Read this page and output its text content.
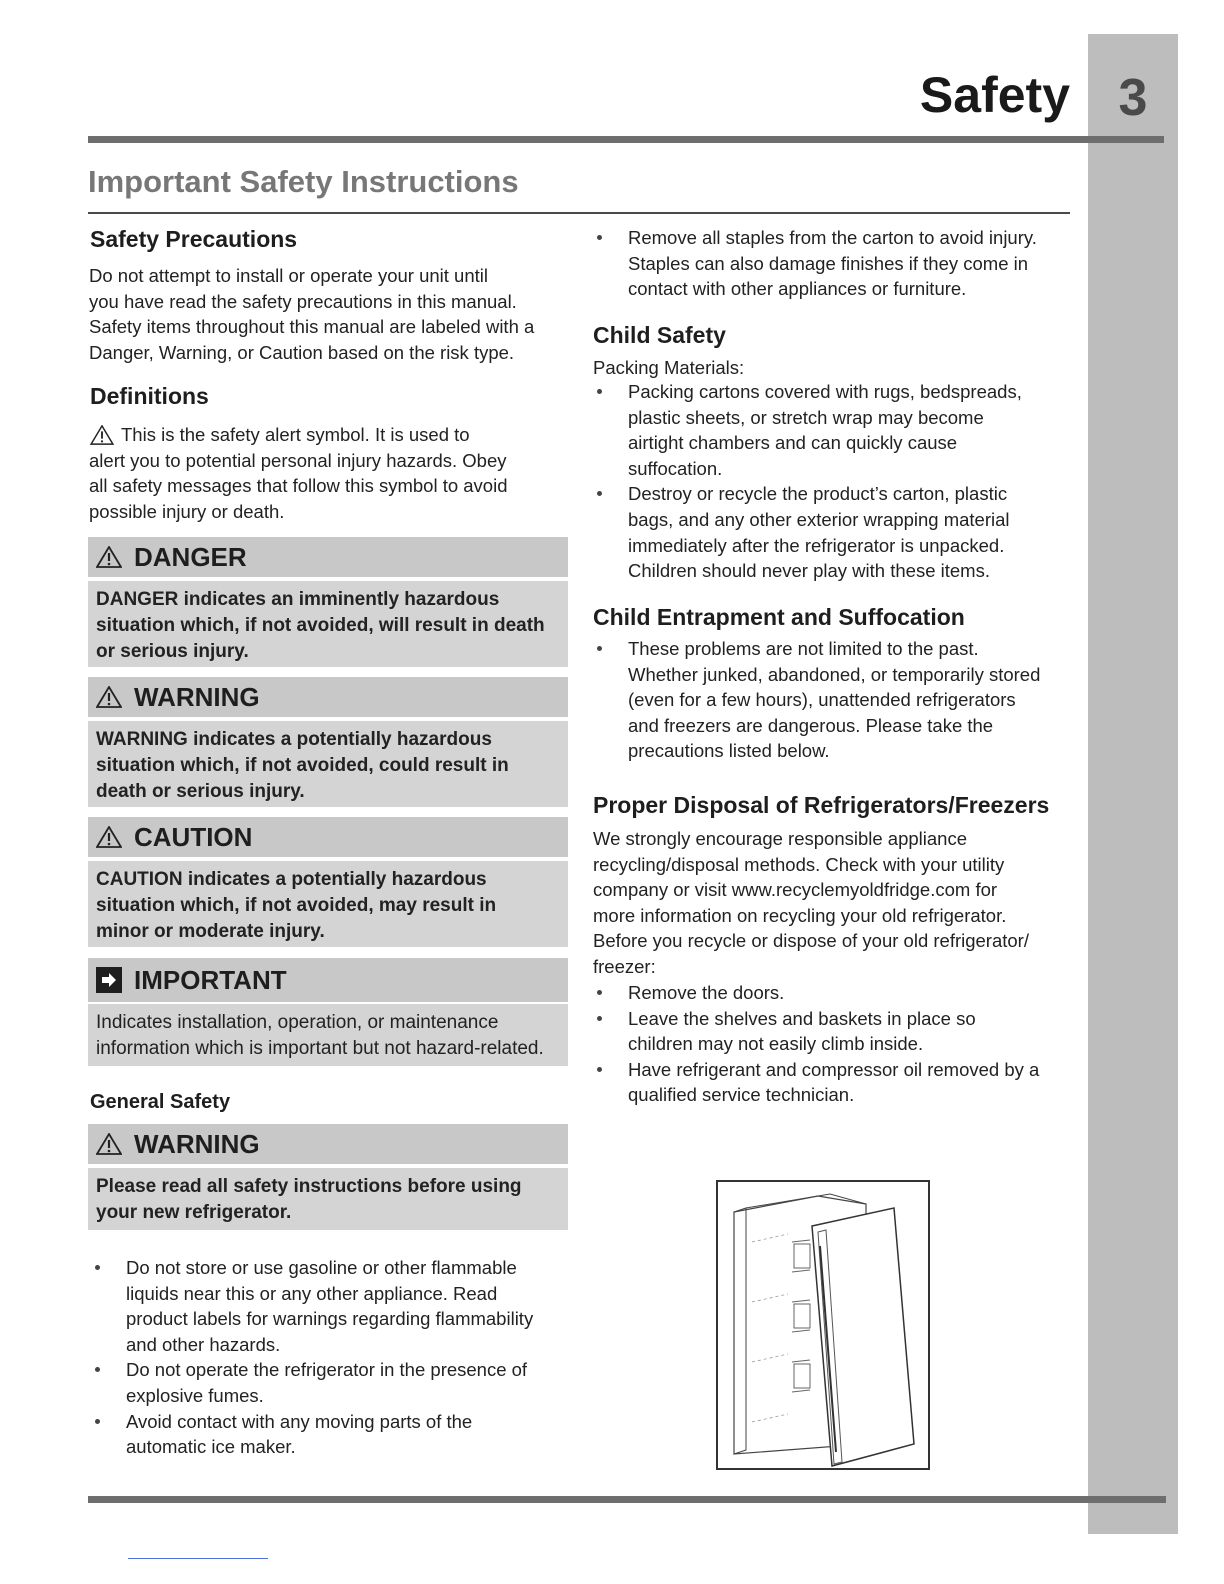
Safety 3
Important Safety Instructions
Safety Precautions
Do not attempt to install or operate your unit until
you have read the safety precautions in this manual.
Safety items throughout this manual are labeled with a
Danger, Warning, or Caution based on the risk type.
Definitions
This is the safety alert symbol. It is used to
alert you to potential personal injury hazards. Obey
all safety messages that follow this symbol to avoid
possible injury or death.
DANGER
DANGER indicates an imminently hazardous
situation which, if not avoided, will result in death
or serious injury.
WARNING
WARNING indicates a potentially hazardous
situation which, if not avoided, could result in
death or serious injury.
CAUTION
CAUTION indicates a potentially hazardous
situation which, if not avoided, may result in
minor or moderate injury.
IMPORTANT
Indicates installation, operation, or maintenance
information which is important but not hazard-related.
General Safety
WARNING
Please read all safety instructions before using
your new refrigerator.
Do not store or use gasoline or other flammable
liquids near this or any other appliance. Read
product labels for warnings regarding flammability
and other hazards.
Do not operate the refrigerator in the presence of
explosive fumes.
Avoid contact with any moving parts of the
automatic ice maker.
Remove all staples from the carton to avoid injury.
Staples can also damage finishes if they come in
contact with other appliances or furniture.
Child Safety
Packing Materials:
Packing cartons covered with rugs, bedspreads,
plastic sheets, or stretch wrap may become
airtight chambers and can quickly cause
suffocation.
Destroy or recycle the product’s carton, plastic
bags, and any other exterior wrapping material
immediately after the refrigerator is unpacked.
Children should never play with these items.
Child Entrapment and Suffocation
These problems are not limited to the past.
Whether junked, abandoned, or temporarily stored
(even for a few hours), unattended refrigerators
and freezers are dangerous. Please take the
precautions listed below.
Proper Disposal of Refrigerators/Freezers
We strongly encourage responsible appliance
recycling/disposal methods. Check with your utility
company or visit www.recyclemyoldfridge.com for
more information on recycling your old refrigerator.
Before you recycle or dispose of your old refrigerator/
freezer:
Remove the doors.
Leave the shelves and baskets in place so
children may not easily climb inside.
Have refrigerant and compressor oil removed by a
qualified service technician.
